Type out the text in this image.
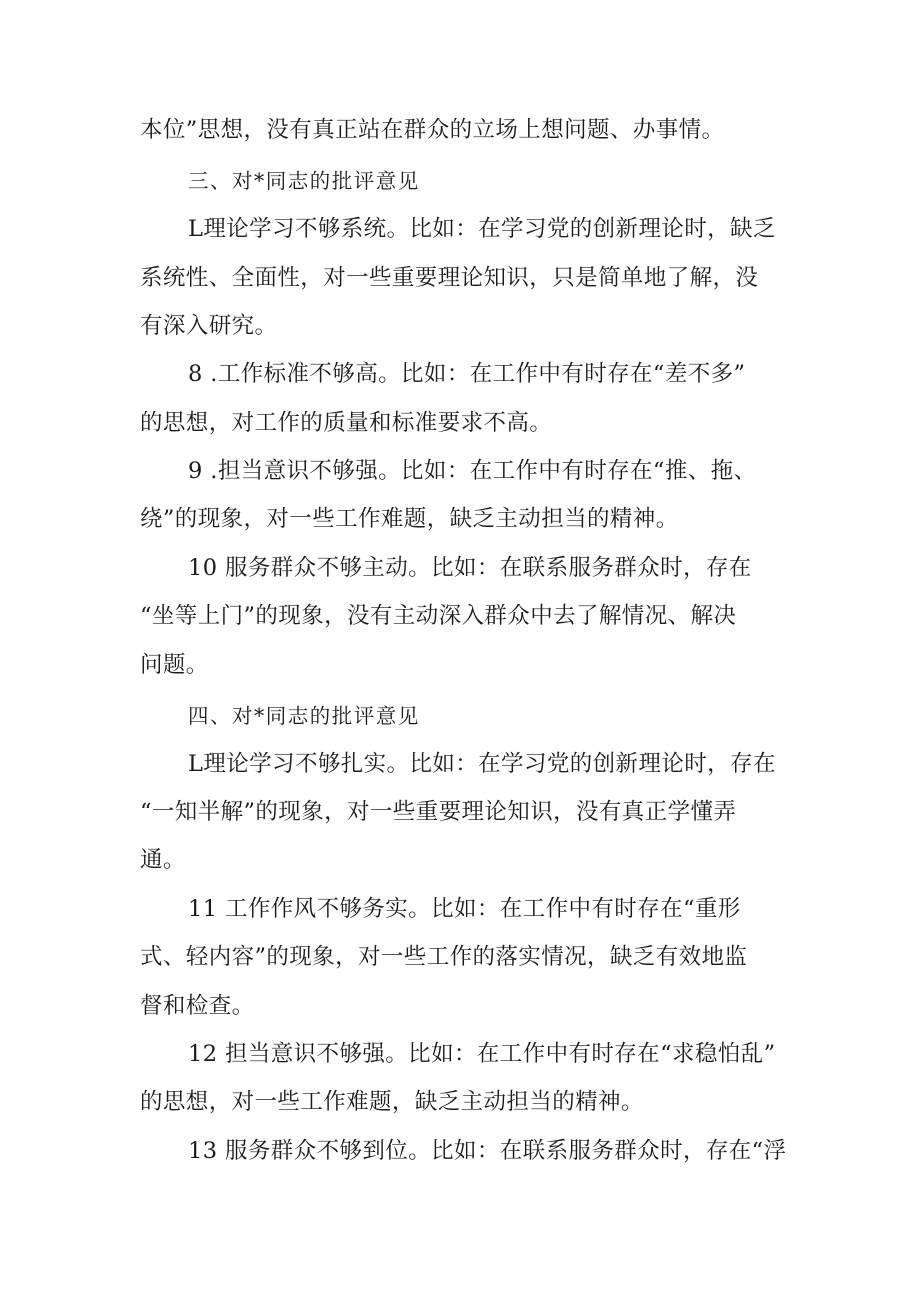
本位”思想，没有真正站在群众的立场上想问题、办事情。
三、对*同志的批评意见
L理论学习不够系统。比如：在学习党的创新理论时，缺乏
系统性、全面性，对一些重要理论知识，只是简单地了解，没
有深入研究。
8 .工作标准不够高。比如：在工作中有时存在“差不多”
的思想，对工作的质量和标准要求不高。
9 .担当意识不够强。比如：在工作中有时存在“推、拖、
绕”的现象，对一些工作难题，缺乏主动担当的精神。
10 服务群众不够主动。比如：在联系服务群众时，存在
“坐等上门”的现象，没有主动深入群众中去了解情况、解决
问题。
四、对*同志的批评意见
L理论学习不够扎实。比如：在学习党的创新理论时，存在
“一知半解”的现象，对一些重要理论知识，没有真正学懂弄
通。
11 工作作风不够务实。比如：在工作中有时存在“重形
式、轻内容”的现象，对一些工作的落实情况，缺乏有效地监
督和检查。
12 担当意识不够强。比如：在工作中有时存在“求稳怕乱”
的思想，对一些工作难题，缺乏主动担当的精神。
13 服务群众不够到位。比如：在联系服务群众时，存在“浮
